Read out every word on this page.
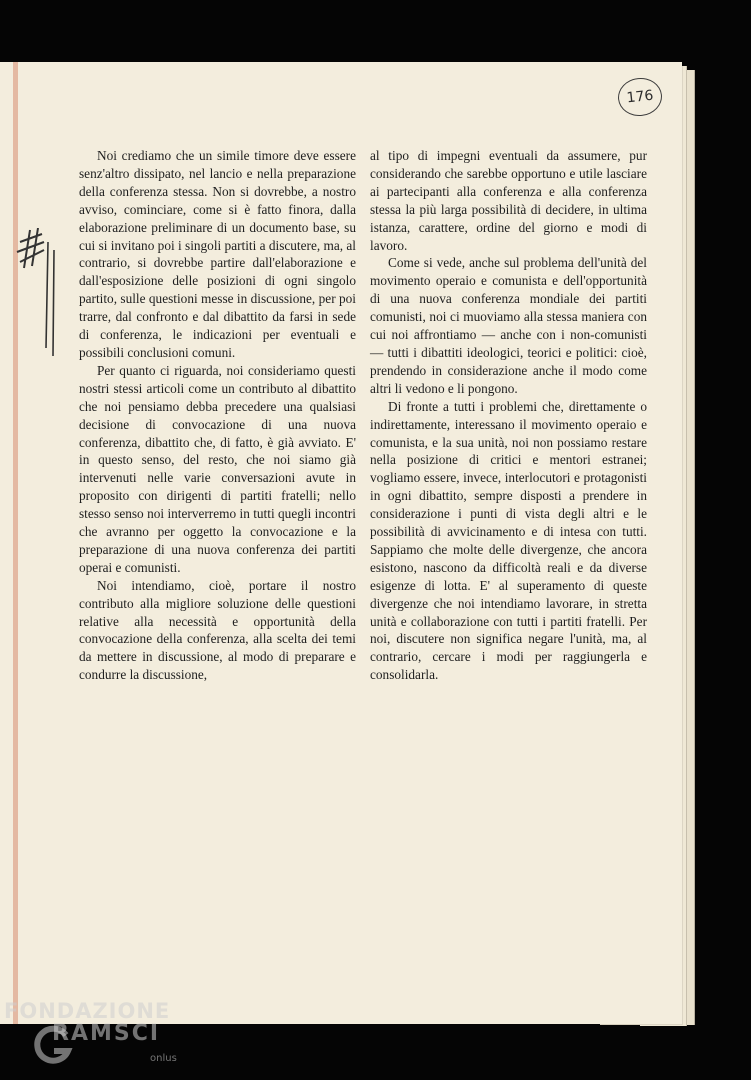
176

Noi crediamo che un simile timore deve essere senz'altro dissipato, nel lancio e nella preparazione della conferenza stessa. Non si dovrebbe, a nostro avviso, cominciare, come si è fatto finora, dalla elaborazione preliminare di un documento base, su cui si invitano poi i singoli partiti a discutere, ma, al contrario, si dovrebbe partire dall'elaborazione e dall'esposizione delle posizioni di ogni singolo partito, sulle questioni messe in discussione, per poi trarre, dal confronto e dal dibattito da farsi in sede di conferenza, le indicazioni per eventuali e possibili conclusioni comuni.

Per quanto ci riguarda, noi consideriamo questi nostri stessi articoli come un contributo al dibattito che noi pensiamo debba precedere una qualsiasi decisione di convocazione di una nuova conferenza, dibattito che, di fatto, è già avviato. E' in questo senso, del resto, che noi siamo già intervenuti nelle varie conversazioni avute in proposito con dirigenti di partiti fratelli; nello stesso senso noi interverremo in tutti quegli incontri che avranno per oggetto la convocazione e la preparazione di una nuova conferenza dei partiti operai e comunisti.

Noi intendiamo, cioè, portare il nostro contributo alla migliore soluzione delle questioni relative alla necessità e opportunità della convocazione della conferenza, alla scelta dei temi da mettere in discussione, al modo di preparare e condurre la discussione,

al tipo di impegni eventuali da assumere, pur considerando che sarebbe opportuno e utile lasciare ai partecipanti alla conferenza e alla conferenza stessa la più larga possibilità di decidere, in ultima istanza, carattere, ordine del giorno e modi di lavoro.

Come si vede, anche sul problema dell'unità del movimento operaio e comunista e dell'opportunità di una nuova conferenza mondiale dei partiti comunisti, noi ci muoviamo alla stessa maniera con cui noi affrontiamo — anche con i non-comunisti — tutti i dibattiti ideologici, teorici e politici: cioè, prendendo in considerazione anche il modo come altri li vedono e li pongono.

Di fronte a tutti i problemi che, direttamente o indirettamente, interessano il movimento operaio e comunista, e la sua unità, noi non possiamo restare nella posizione di critici e mentori estranei; vogliamo essere, invece, interlocutori e protagonisti in ogni dibattito, sempre disposti a prendere in considerazione i punti di vista degli altri e le possibilità di avvicinamento e di intesa con tutti. Sappiamo che molte delle divergenze, che ancora esistono, nascono da difficoltà reali e da diverse esigenze di lotta. E' al superamento di queste divergenze che noi intendiamo lavorare, in stretta unità e collaborazione con tutti i partiti fratelli. Per noi, discutere non significa negare l'unità, ma, al contrario, cercare i modi per raggiungerla e consolidarla.

FONDAZIONE
RAMSCI
onlus
